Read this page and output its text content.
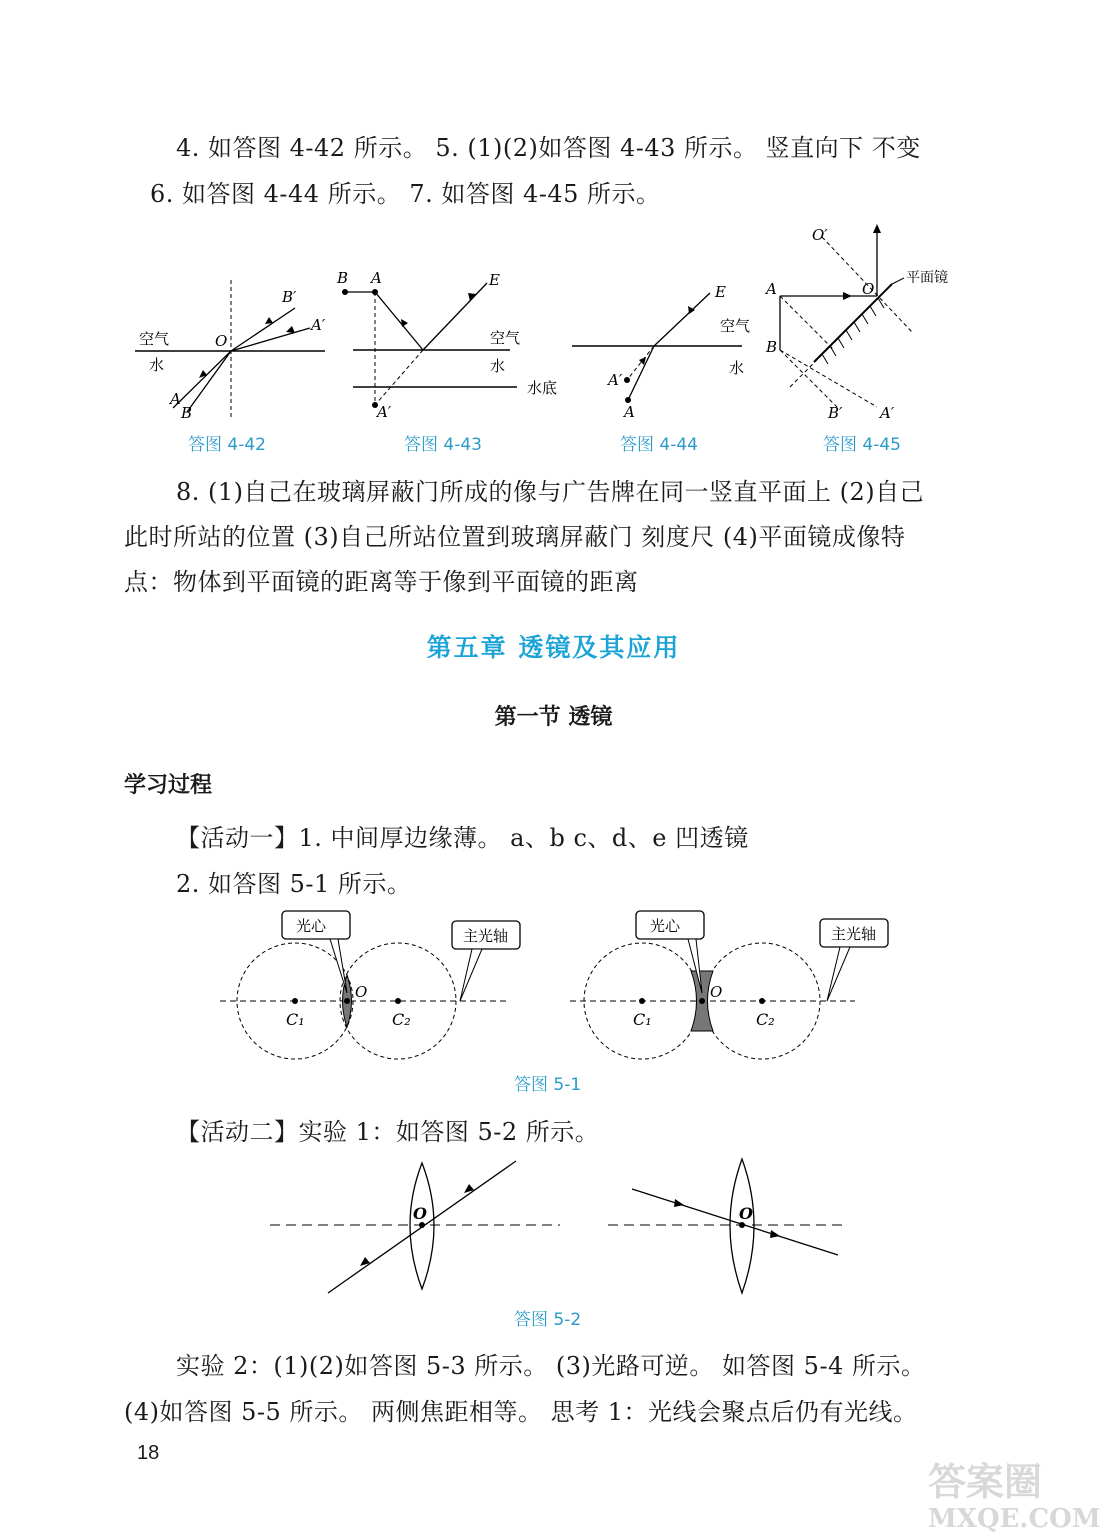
4. 如答图 4-42 所示。 5. (1)(2)如答图 4-43 所示。 竖直向下 不变
6. 如答图 4-44 所示。 7. 如答图 4-45 所示。
空气
水
O
A
B
B′
A′
答图 4-42
B A	E
空气
水
水底
A′
答图 4-43
E
空气
水
A′
A
答图 4-44
A
B
O′
O
平面镜
B′	A′
答图 4-45
8. (1)自己在玻璃屏蔽门所成的像与广告牌在同一竖直平面上 (2)自己
此时所站的位置 (3)自己所站位置到玻璃屏蔽门 刻度尺 (4)平面镜成像特
点：物体到平面镜的距离等于像到平面镜的距离
第五章 透镜及其应用
第一节 透镜
学习过程
【活动一】1. 中间厚边缘薄。 a、b c、d、e 凹透镜
2. 如答图 5-1 所示。
光心
主光轴
O
C₁	C₂
光心	主光轴
O
C₁	C₂
答图 5-1
【活动二】实验 1：如答图 5-2 所示。
O	O
答图 5-2
实验 2：(1)(2)如答图 5-3 所示。 (3)光路可逆。 如答图 5-4 所示。
(4)如答图 5-5 所示。 两侧焦距相等。 思考 1：光线会聚点后仍有光线。
18
答案圈
MXQE.COM
